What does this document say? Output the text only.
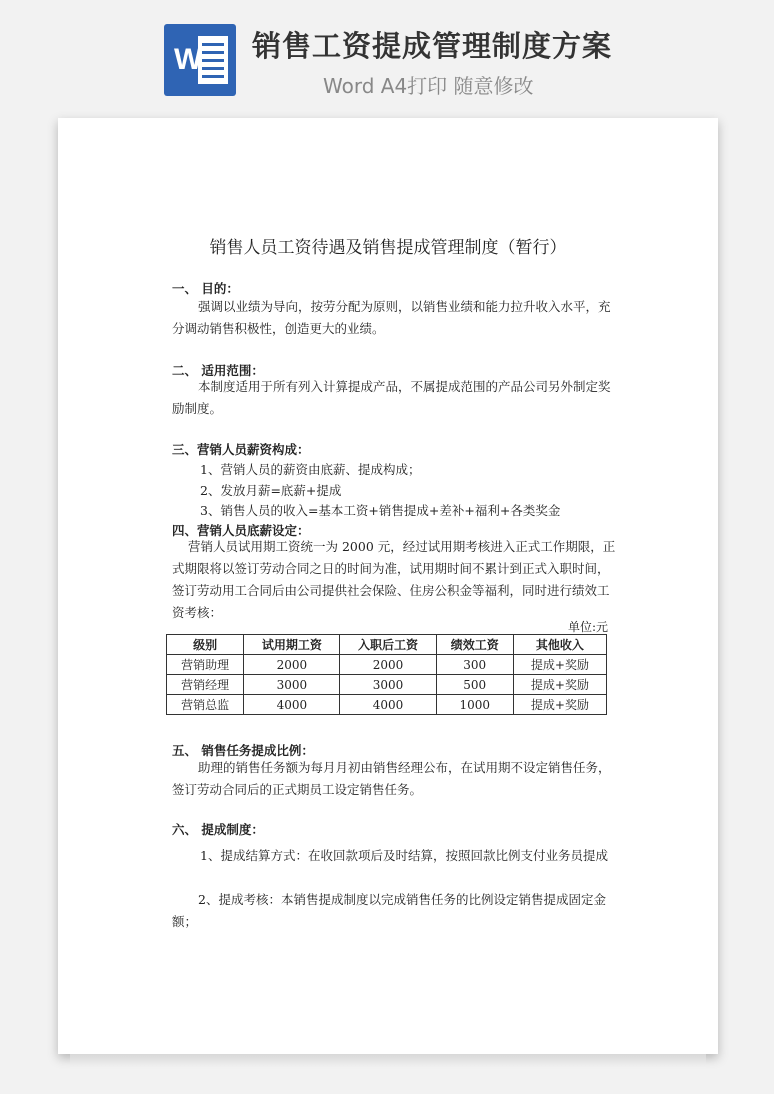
W 销售工资提成管理制度方案
Word A4打印 随意修改
销售人员工资待遇及销售提成管理制度（暂行）
一、 目的：
强调以业绩为导向，按劳分配为原则，以销售业绩和能力拉升收入水平，充分调动销售积极性，创造更大的业绩。
二、 适用范围：
本制度适用于所有列入计算提成产品，不属提成范围的产品公司另外制定奖励制度。
三、营销人员薪资构成：
1、营销人员的薪资由底薪、提成构成；
2、发放月薪=底薪+提成
3、销售人员的收入=基本工资+销售提成+差补+福利+各类奖金
四、营销人员底薪设定：
营销人员试用期工资统一为 2000 元，经过试用期考核进入正式工作期限，正式期限将以签订劳动合同之日的时间为准，试用期时间不累计到正式入职时间，签订劳动用工合同后由公司提供社会保险、住房公积金等福利，同时进行绩效工资考核：
单位:元
级别	试用期工资	入职后工资	绩效工资	其他收入
营销助理	2000	2000	300	提成+奖励
营销经理	3000	3000	500	提成+奖励
营销总监	4000	4000	1000	提成+奖励
五、 销售任务提成比例：
助理的销售任务额为每月月初由销售经理公布，在试用期不设定销售任务，签订劳动合同后的正式期员工设定销售任务。
六、 提成制度：
1、提成结算方式：在收回款项后及时结算，按照回款比例支付业务员提成
2、提成考核：本销售提成制度以完成销售任务的比例设定销售提成固定金额；
